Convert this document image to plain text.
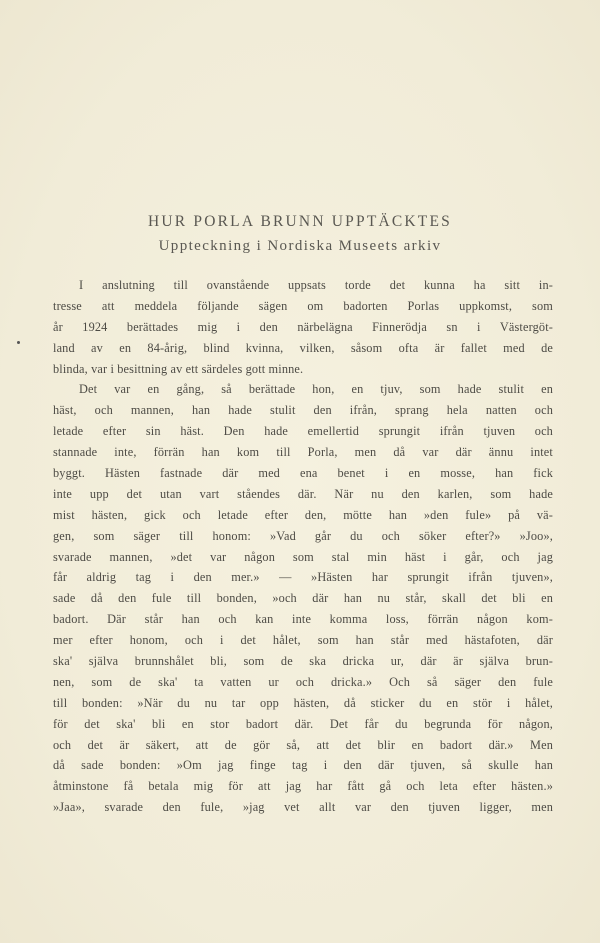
HUR PORLA BRUNN UPPTÄCKTES
Uppteckning i Nordiska Museets arkiv
I anslutning till ovanstående uppsats torde det kunna ha sitt in-
tresse att meddela följande sägen om badorten Porlas uppkomst, som
år 1924 berättades mig i den närbelägna Finnerödja sn i Västergöt-
land av en 84-årig, blind kvinna, vilken, såsom ofta är fallet med de
blinda, var i besittning av ett särdeles gott minne.
Det var en gång, så berättade hon, en tjuv, som hade stulit en
häst, och mannen, han hade stulit den ifrån, sprang hela natten och
letade efter sin häst. Den hade emellertid sprungit ifrån tjuven och
stannade inte, förrän han kom till Porla, men då var där ännu intet
byggt. Hästen fastnade där med ena benet i en mosse, han fick
inte upp det utan vart ståendes där. När nu den karlen, som hade
mist hästen, gick och letade efter den, mötte han »den fule» på vä-
gen, som säger till honom: »Vad går du och söker efter?» »Joo»,
svarade mannen, »det var någon som stal min häst i går, och jag
får aldrig tag i den mer.» — »Hästen har sprungit ifrån tjuven»,
sade då den fule till bonden, »och där han nu står, skall det bli en
badort. Där står han och kan inte komma loss, förrän någon kom-
mer efter honom, och i det hålet, som han står med hästafoten, där
ska' själva brunnshålet bli, som de ska dricka ur, där är själva brun-
nen, som de ska' ta vatten ur och dricka.» Och så säger den fule
till bonden: »När du nu tar opp hästen, då sticker du en stör i hålet,
för det ska' bli en stor badort där. Det får du begrunda för någon,
och det är säkert, att de gör så, att det blir en badort där.» Men
då sade bonden: »Om jag finge tag i den där tjuven, så skulle han
åtminstone få betala mig för att jag har fått gå och leta efter hästen.»
»Jaa», svarade den fule, »jag vet allt var den tjuven ligger, men
